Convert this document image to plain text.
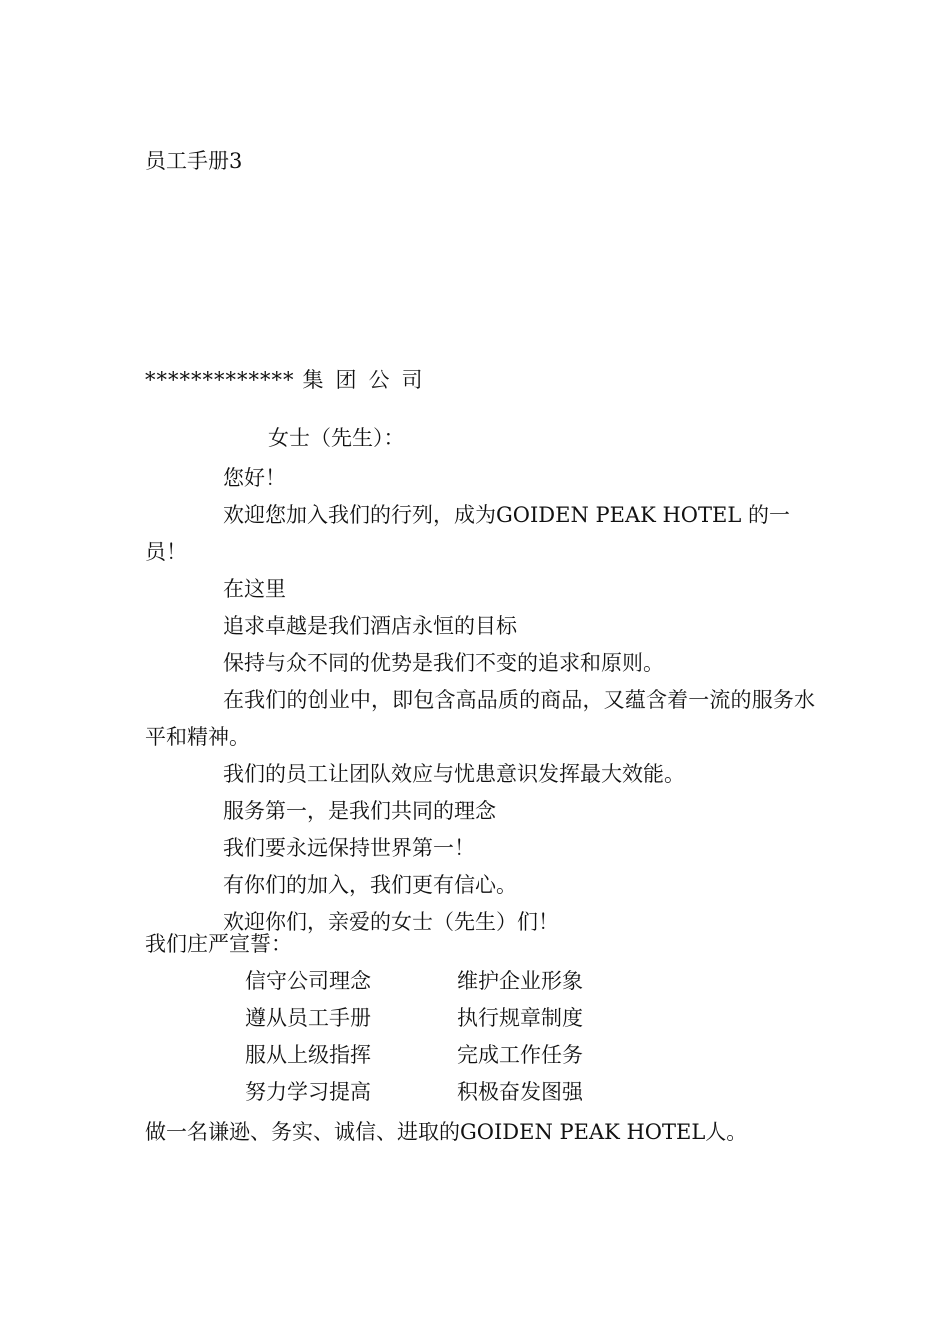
员工手册3
************* 集团公司
女士（先生）：

您好！

欢迎您加入我们的行列，成为GOIDEN PEAK HOTEL 的一员！

在这里

追求卓越是我们酒店永恒的目标

保持与众不同的优势是我们不变的追求和原则。

在我们的创业中，即包含高品质的商品，又蕴含着一流的服务水平和精神。

我们的员工让团队效应与忧患意识发挥最大效能。

服务第一，是我们共同的理念

我们要永远保持世界第一！

有你们的加入，我们更有信心。

欢迎你们，亲爱的女士（先生）们！

我们庄严宣誓：
信守公司理念	维护企业形象
遵从员工手册	执行规章制度
服从上级指挥	完成工作任务
努力学习提高	积极奋发图强
做一名谦逊、务实、诚信、进取的GOIDEN PEAK HOTEL人。
